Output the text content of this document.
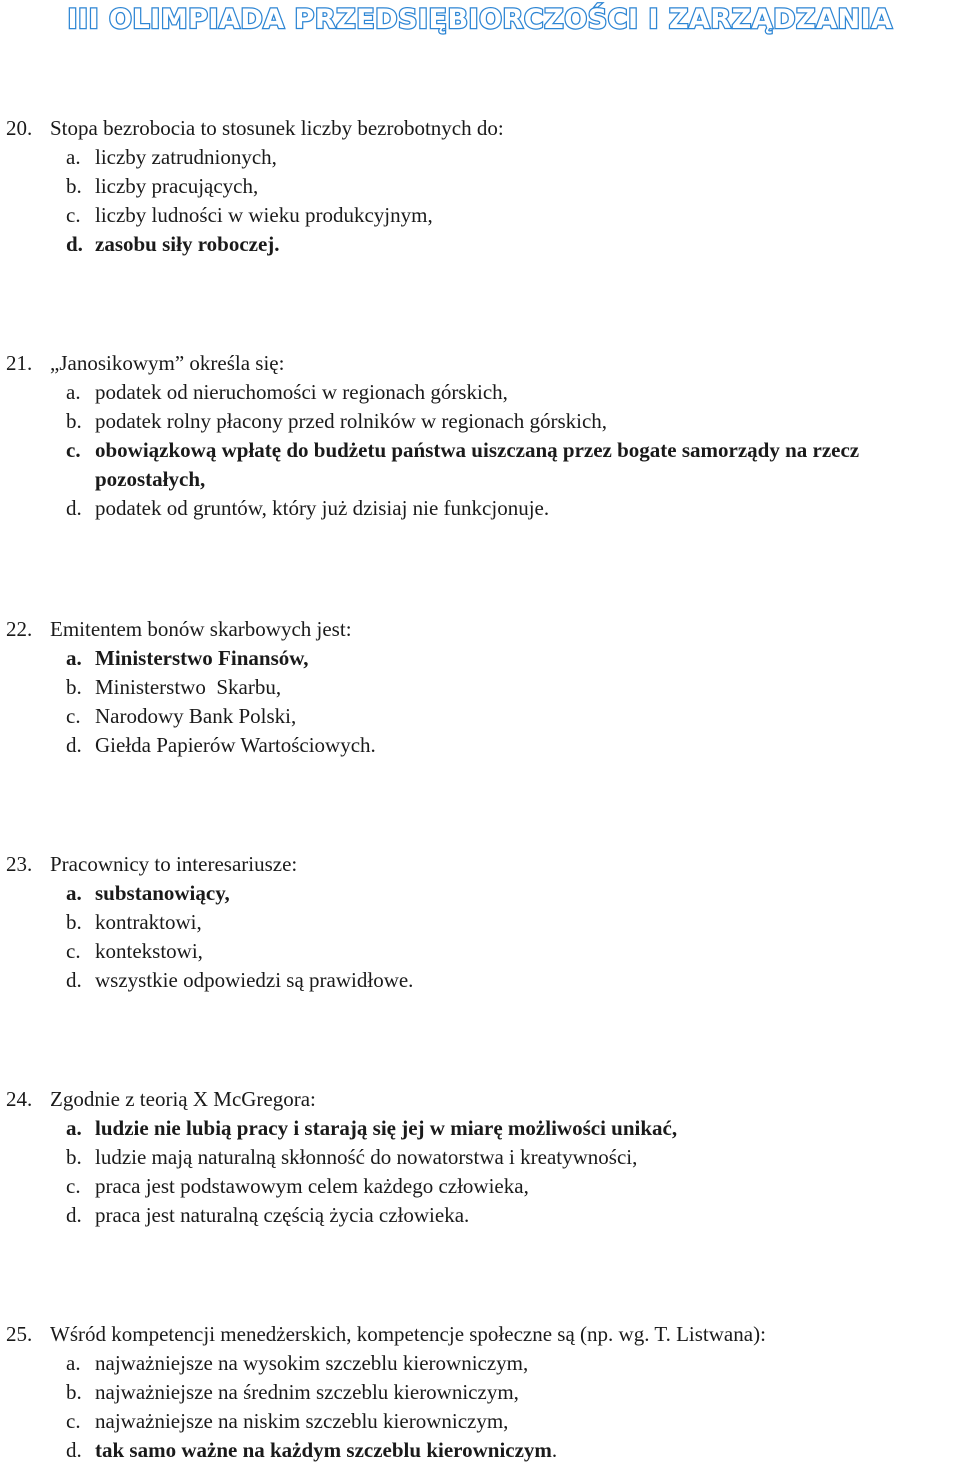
III OLIMPIADA PRZEDSIĘBIORCZOŚCI I ZARZĄDZANIA
20. Stopa bezrobocia to stosunek liczby bezrobotnych do:
a. liczby zatrudnionych,
b. liczby pracujących,
c. liczby ludności w wieku produkcyjnym,
d. zasobu siły roboczej.
21. „Janosikowym” określa się:
a. podatek od nieruchomości w regionach górskich,
b. podatek rolny płacony przed rolników w regionach górskich,
c. obowiązkową wpłatę do budżetu państwa uiszczaną przez bogate samorządy na rzecz pozostałych,
d. podatek od gruntów, który już dzisiaj nie funkcjonuje.
22. Emitentem bonów skarbowych jest:
a. Ministerstwo Finansów,
b. Ministerstwo  Skarbu,
c. Narodowy Bank Polski,
d. Giełda Papierów Wartościowych.
23. Pracownicy to interesariusze:
a. substanowiący,
b. kontraktowi,
c. kontekstowi,
d. wszystkie odpowiedzi są prawidłowe.
24. Zgodnie z teorią X McGregora:
a. ludzie nie lubią pracy i starają się jej w miarę możliwości unikać,
b. ludzie mają naturalną skłonność do nowatorstwa i kreatywności,
c. praca jest podstawowym celem każdego człowieka,
d. praca jest naturalną częścią życia człowieka.
25. Wśród kompetencji menedżerskich, kompetencje społeczne są (np. wg. T. Listwana):
a. najważniejsze na wysokim szczeblu kierowniczym,
b. najważniejsze na średnim szczeblu kierowniczym,
c. najważniejsze na niskim szczeblu kierowniczym,
d. tak samo ważne na każdym szczeblu kierowniczym.
